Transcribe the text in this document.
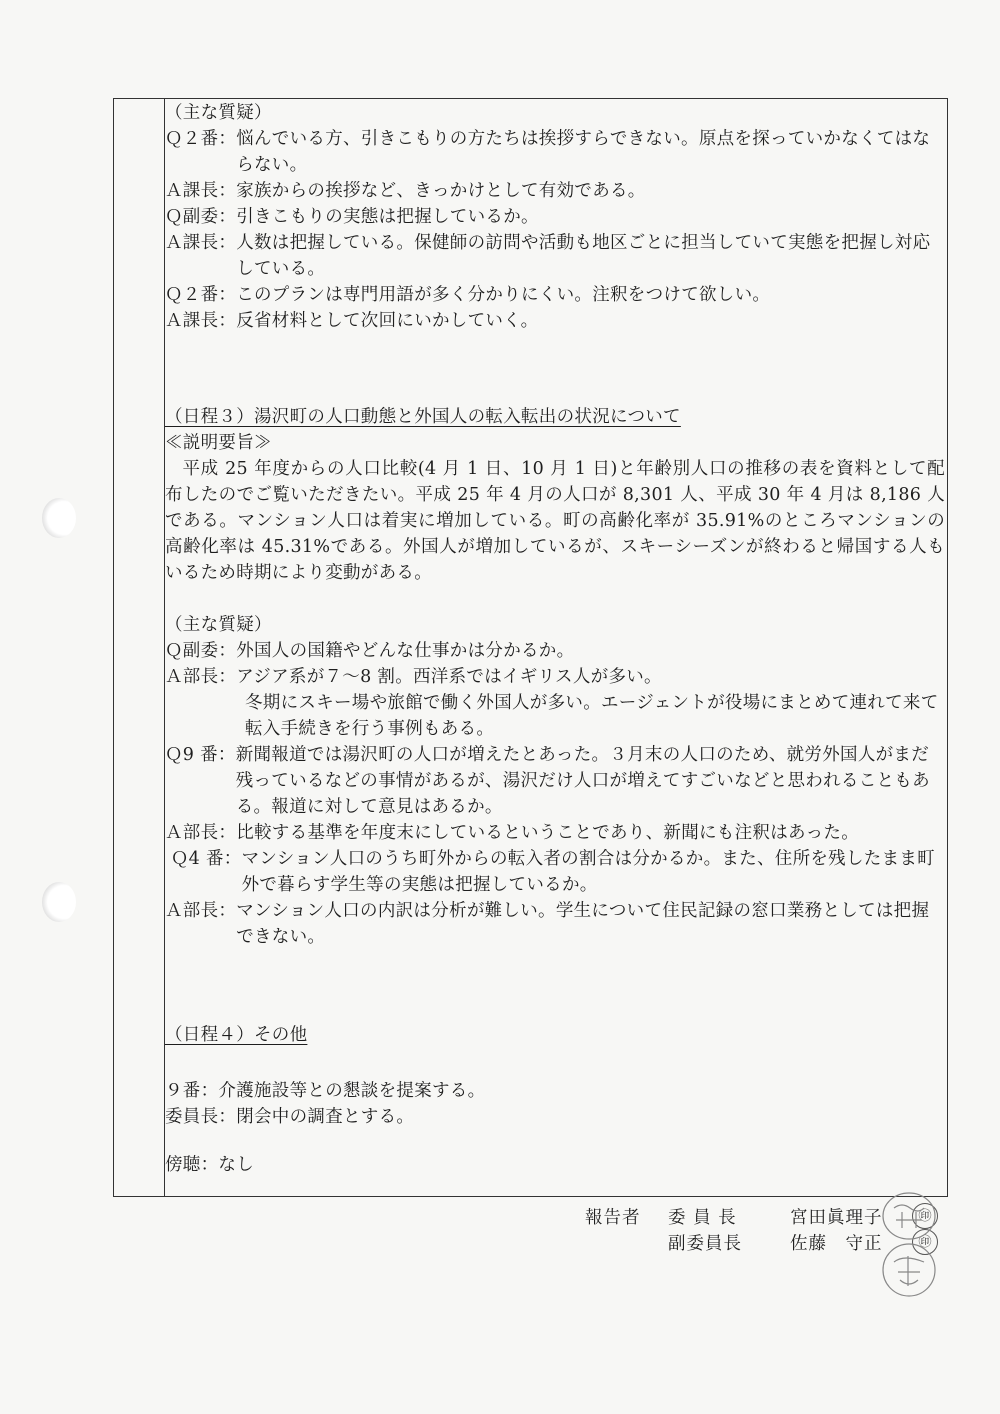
（主な質疑）
Ｑ２番： 悩んでいる方、引きこもりの方たちは挨拶すらできない。原点を探っていかなくてはならない。
Ａ課長： 家族からの挨拶など、きっかけとして有効である。
Ｑ副委： 引きこもりの実態は把握しているか。
Ａ課長： 人数は把握している。保健師の訪問や活動も地区ごとに担当していて実態を把握し対応している。
Ｑ２番： このプランは専門用語が多く分かりにくい。注釈をつけて欲しい。
Ａ課長： 反省材料として次回にいかしていく。
（日程３）湯沢町の人口動態と外国人の転入転出の状況について
≪説明要旨≫
平成 25 年度からの人口比較(4 月 1 日、10 月 1 日)と年齢別人口の推移の表を資料として配布したのでご覧いただきたい。平成 25 年 4 月の人口が 8,301 人、平成 30 年 4 月は 8,186 人である。マンション人口は着実に増加している。町の高齢化率が 35.91%のところマンションの高齢化率は 45.31%である。外国人が増加しているが、スキーシーズンが終わると帰国する人もいるため時期により変動がある。
（主な質疑）
Ｑ副委： 外国人の国籍やどんな仕事かは分かるか。
Ａ部長： アジア系が７～8 割。西洋系ではイギリス人が多い。
冬期にスキー場や旅館で働く外国人が多い。エージェントが役場にまとめて連れて来て転入手続きを行う事例もある。
Ｑ9 番： 新聞報道では湯沢町の人口が増えたとあった。３月末の人口のため、就労外国人がまだ残っているなどの事情があるが、湯沢だけ人口が増えてすごいなどと思われることもある。報道に対して意見はあるか。
Ａ部長： 比較する基準を年度末にしているということであり、新聞にも注釈はあった。
Ｑ4 番： マンション人口のうち町外からの転入者の割合は分かるか。また、住所を残したまま町外で暮らす学生等の実態は把握しているか。
Ａ部長： マンション人口の内訳は分析が難しい。学生について住民記録の窓口業務としては把握できない。
（日程４）その他
９番： 介護施設等との懇談を提案する。
委員長： 閉会中の調査とする。
傍聴：なし
報告者 委 員 長	宮田眞理子
副委員長	佐藤　守正
㊞
㊞
